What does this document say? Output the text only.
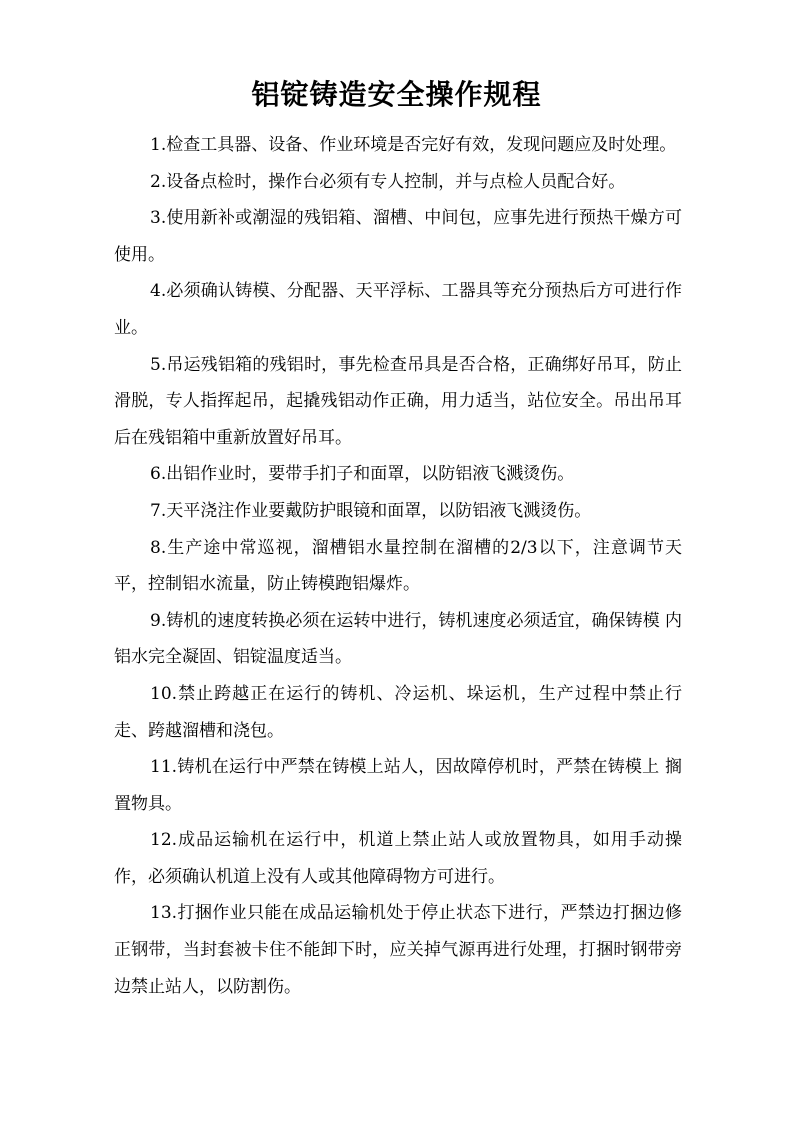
铝锭铸造安全操作规程

1.检查工具器、设备、作业环境是否完好有效，发现问题应及时处理。

2.设备点检时，操作台必须有专人控制，并与点检人员配合好。

3.使用新补或潮湿的残铝箱、溜槽、中间包，应事先进行预热干燥方可使用。

4.必须确认铸模、分配器、天平浮标、工器具等充分预热后方可进行作业。

5.吊运残铝箱的残铝时，事先检查吊具是否合格，正确绑好吊耳，防止滑脱，专人指挥起吊，起撬残铝动作正确，用力适当，站位安全。吊出吊耳后在残铝箱中重新放置好吊耳。

6.出铝作业时，要带手扪子和面罩，以防铝液飞溅烫伤。

7.天平浇注作业要戴防护眼镜和面罩，以防铝液飞溅烫伤。

8.生产途中常巡视，溜槽铝水量控制在溜槽的2/3以下，注意调节天 平，控制铝水流量，防止铸模跑铝爆炸。

9.铸机的速度转换必须在运转中进行，铸机速度必须适宜，确保铸模 内铝水完全凝固、铝锭温度适当。

10.禁止跨越正在运行的铸机、冷运机、垛运机，生产过程中禁止行走、跨越溜槽和浇包。

11.铸机在运行中严禁在铸模上站人，因故障停机时，严禁在铸模上 搁置物具。

12.成品运输机在运行中，机道上禁止站人或放置物具，如用手动操作，必须确认机道上没有人或其他障碍物方可进行。

13.打捆作业只能在成品运输机处于停止状态下进行，严禁边打捆边修正钢带，当封套被卡住不能卸下时，应关掉气源再进行处理，打捆时钢带旁边禁止站人，以防割伤。
